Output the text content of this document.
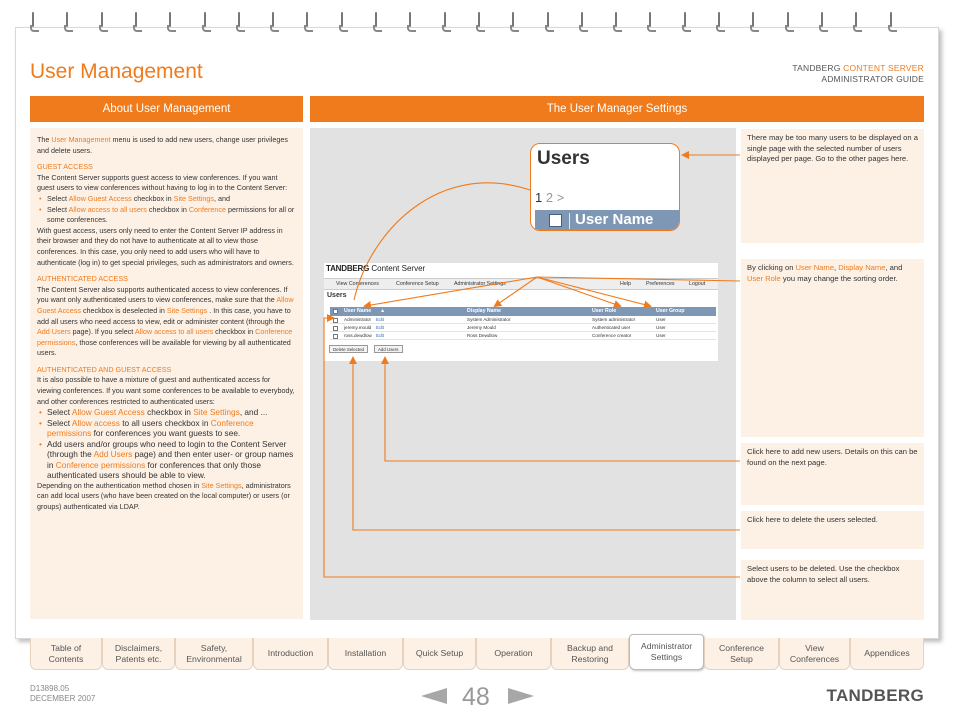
User Management	TANDBERG CONTENT SERVER
ADMINISTRATOR GUIDE
About User Management	The User Manager Settings

The User Management menu is used to add new users, change user privileges and delete users.

GUEST ACCESS

The Content Server supports guest access to view conferences. If you want guest users to view conferences without having to log in to the Content Server:

• Select Allow Guest Access checkbox in Site Settings, and
• Select Allow access to all users checkbox in Conference permissions for all or some conferences.

With guest access, users only need to enter the Content Server IP address in their browser and they do not have to authenticate at all to view those conferences. In this case, you only need to add users who will have to authenticate (log in) to get special privileges, such as administrators and owners.

AUTHENTICATED ACCESS

The Content Server also supports authenticated access to view conferences. If you want only authenticated users to view conferences, make sure that the Allow Guest Access checkbox is deselected in Site Settings . In this case, you have to add all users who need access to view, edit or administer content (through the Add Users page). If you select Allow access to all users checkbox in Conference permissions, those conferences will be available for viewing by all authenticated users.

AUTHENTICATED AND GUEST ACCESS

It is also possible to have a mixture of guest and authenticated access for viewing conferences. If you want some conferences to be available to everybody, and other conferences restricted to authenticated users:

• Select Allow Guest Access checkbox in Site Settings, and ...
• Select Allow access to all users checkbox in Conference permissions for conferences you want guests to see.
• Add users and/or groups who need to login to the Content Server (through the Add Users page) and then enter user- or group names in Conference permissions for conferences that only those authenticated users should be able to view.

Depending on the authentication method chosen in Site Settings, administrators can add local users (who have been created on the local computer) or users (or groups) authenticated via LDAP.

Users
1 2 >
User Name
TANDBERG Content Server
View Conferences	Conference Setup	Administrator Settings	Help	Preferences	Logout
Users
User Name ▲	Display Name	User Role	User Group
Administrator Edit	System Administrator	System administrator	User
jeremy.mould Edit	Jeremy Mould	Authenticated user	User
ross.dewdlow Edit	Ross Dewdlow	Conference creator	User
Delete Selected	Add Users
There may be too many users to be displayed on a single page with the selected number of users displayed per page. Go to the other pages here.
By clicking on User Name, Display Name, and User Role you may change the sorting order.
Click here to add new users. Details on this can be found on the next page.
Click here to delete the users selected.
Select users to be deleted. Use the checkbox above the column to select all users.
Table of
Contents
Disclaimers,
Patents etc.
Safety,
Environmental
Introduction	Installation	Quick Setup	Operation
Backup and
Restoring
Administrator
Settings
Conference
Setup
View
Conferences
Appendices
D13898.05
DECEMBER 2007	48	TANDBERG
